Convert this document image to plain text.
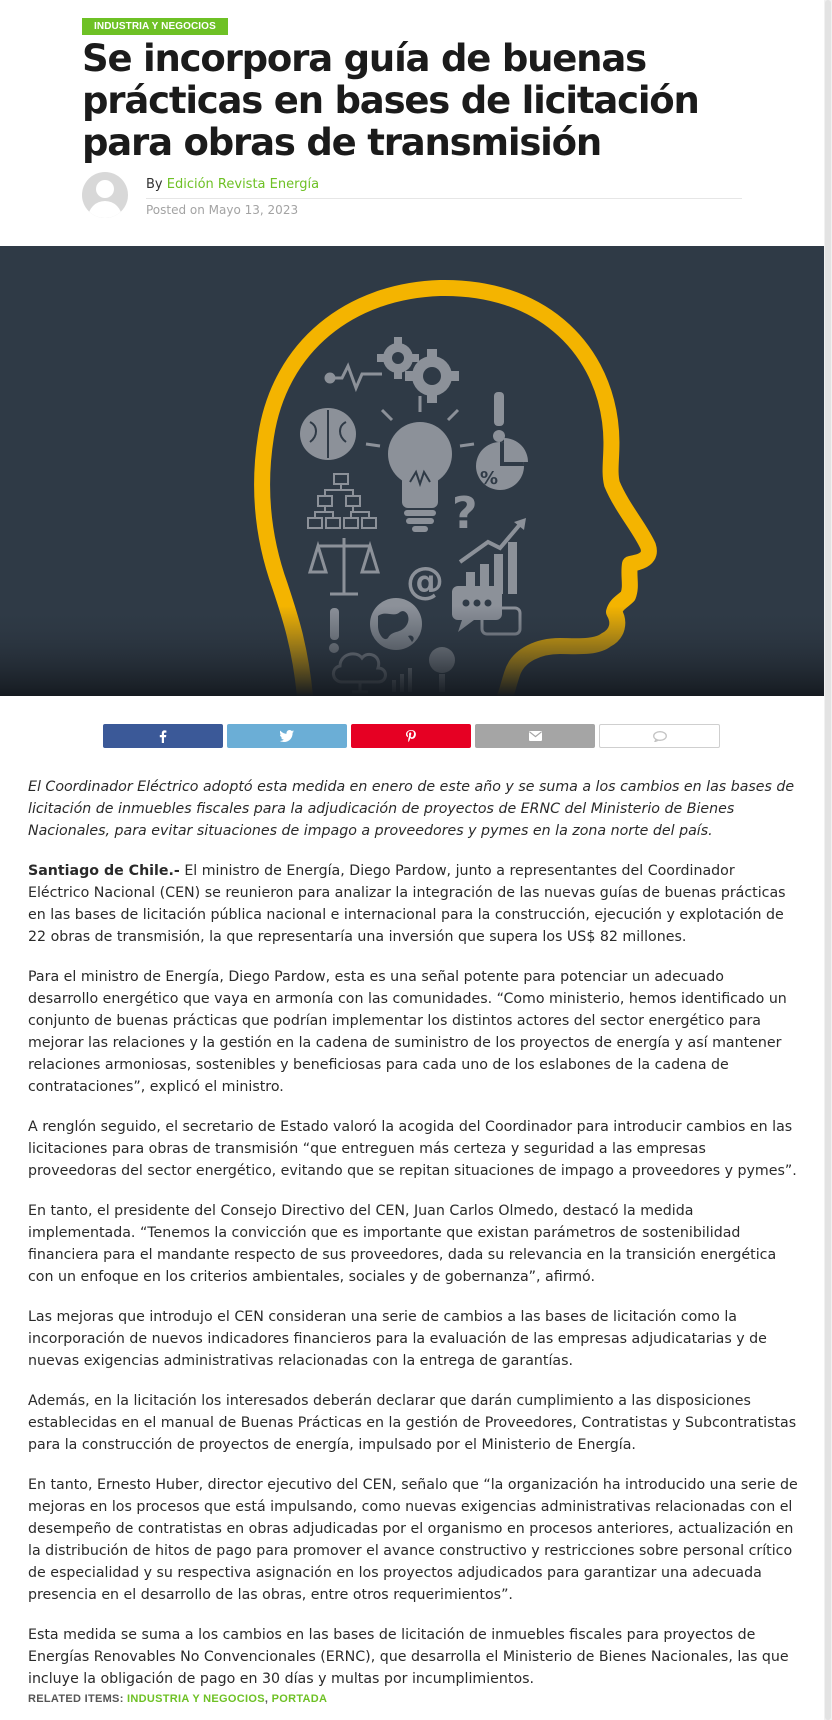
INDUSTRIA Y NEGOCIOS
Se incorpora guía de buenas prácticas en bases de licitación para obras de transmisión
By Edición Revista Energía
Posted on Mayo 13, 2023
%
?
@

El Coordinador Eléctrico adoptó esta medida en enero de este año y se suma a los cambios en las bases de licitación de inmuebles fiscales para la adjudicación de proyectos de ERNC del Ministerio de Bienes Nacionales, para evitar situaciones de impago a proveedores y pymes en la zona norte del país.

Santiago de Chile.- El ministro de Energía, Diego Pardow, junto a representantes del Coordinador Eléctrico Nacional (CEN) se reunieron para analizar la integración de las nuevas guías de buenas prácticas en las bases de licitación pública nacional e internacional para la construcción, ejecución y explotación de 22 obras de transmisión, la que representaría una inversión que supera los US$ 82 millones.

Para el ministro de Energía, Diego Pardow, esta es una señal potente para potenciar un adecuado desarrollo energético que vaya en armonía con las comunidades. “Como ministerio, hemos identificado un conjunto de buenas prácticas que podrían implementar los distintos actores del sector energético para mejorar las relaciones y la gestión en la cadena de suministro de los proyectos de energía y así mantener relaciones armoniosas, sostenibles y beneficiosas para cada uno de los eslabones de la cadena de contrataciones”, explicó el ministro.

A renglón seguido, el secretario de Estado valoró la acogida del Coordinador para introducir cambios en las licitaciones para obras de transmisión “que entreguen más certeza y seguridad a las empresas proveedoras del sector energético, evitando que se repitan situaciones de impago a proveedores y pymes”.

En tanto, el presidente del Consejo Directivo del CEN, Juan Carlos Olmedo, destacó la medida implementada. “Tenemos la convicción que es importante que existan parámetros de sostenibilidad financiera para el mandante respecto de sus proveedores, dada su relevancia en la transición energética con un enfoque en los criterios ambientales, sociales y de gobernanza”, afirmó.

Las mejoras que introdujo el CEN consideran una serie de cambios a las bases de licitación como la incorporación de nuevos indicadores financieros para la evaluación de las empresas adjudicatarias y de nuevas exigencias administrativas relacionadas con la entrega de garantías.

Además, en la licitación los interesados deberán declarar que darán cumplimiento a las disposiciones establecidas en el manual de Buenas Prácticas en la gestión de Proveedores, Contratistas y Subcontratistas para la construcción de proyectos de energía, impulsado por el Ministerio de Energía.

En tanto, Ernesto Huber, director ejecutivo del CEN, señalo que “la organización ha introducido una serie de mejoras en los procesos que está impulsando, como nuevas exigencias administrativas relacionadas con el desempeño de contratistas en obras adjudicadas por el organismo en procesos anteriores, actualización en la distribución de hitos de pago para promover el avance constructivo y restricciones sobre personal crítico de especialidad y su respectiva asignación en los proyectos adjudicados para garantizar una adecuada presencia en el desarrollo de las obras, entre otros requerimientos”.

Esta medida se suma a los cambios en las bases de licitación de inmuebles fiscales para proyectos de Energías Renovables No Convencionales (ERNC), que desarrolla el Ministerio de Bienes Nacionales, las que incluye la obligación de pago en 30 días y multas por incumplimientos.

RELATED ITEMS: INDUSTRIA Y NEGOCIOS, PORTADA
